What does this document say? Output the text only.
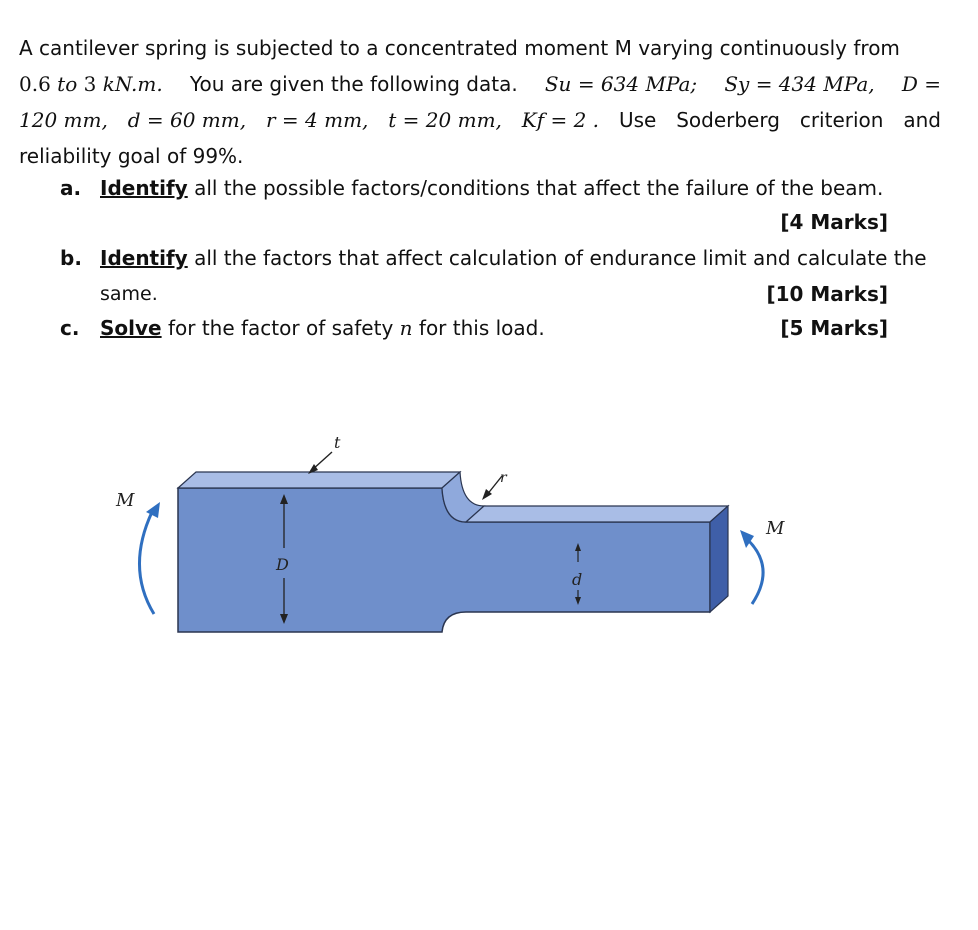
A cantilever spring is subjected to a concentrated moment M varying continuously from
0.6 to 3 kN.m. You are given the following data. Su = 634 MPa; Sy = 434 MPa, D =
120 mm, d = 60 mm, r = 4 mm, t = 20 mm, Kf = 2 . Use Soderberg criterion and
reliability goal of 99%.
a. Identify all the possible factors/conditions that affect the failure of the beam.
[4 Marks]
b. Identify all the factors that affect calculation of endurance limit and calculate the
same.	[10 Marks]
c. Solve for the factor of safety n for this load.	[5 Marks]
t
r
D
d
M
M
